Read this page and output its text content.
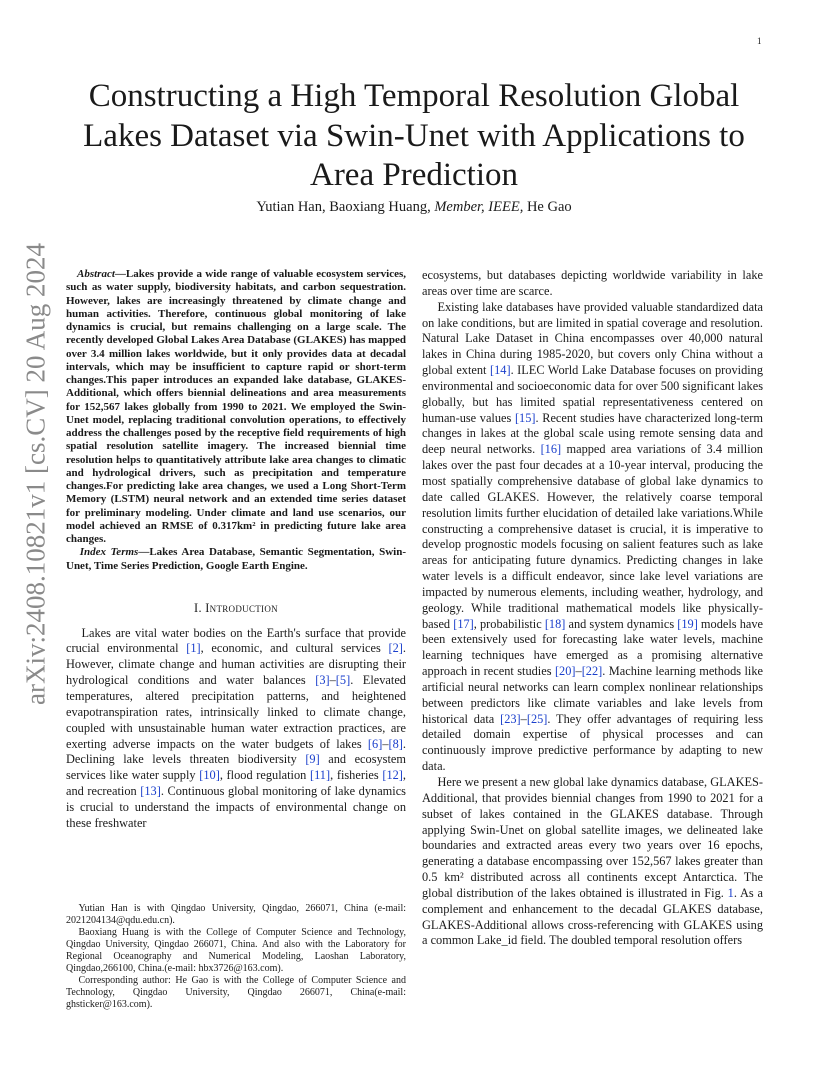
1
arXiv:2408.10821v1 [cs.CV] 20 Aug 2024
Constructing a High Temporal Resolution Global Lakes Dataset via Swin-Unet with Applications to Area Prediction

Yutian Han, Baoxiang Huang, Member, IEEE, He Gao

 Abstract—Lakes provide a wide range of valuable ecosystem services, such as water supply, biodiversity habitats, and carbon sequestration. However, lakes are increasingly threatened by climate change and human activities. Therefore, continuous global monitoring of lake dynamics is crucial, but remains challenging on a large scale. The recently developed Global Lakes Area Database (GLAKES) has mapped over 3.4 million lakes worldwide, but it only provides data at decadal intervals, which may be insufficient to capture rapid or short-term changes.This paper introduces an expanded lake database, GLAKES-Additional, which offers biennial delineations and area measurements for 152,567 lakes globally from 1990 to 2021. We employed the Swin-Unet model, replacing traditional convolution operations, to effectively address the challenges posed by the receptive field requirements of high spatial resolution satellite imagery. The increased biennial time resolution helps to quantitatively attribute lake area changes to climatic and hydrological drivers, such as precipitation and temperature changes.For predicting lake area changes, we used a Long Short-Term Memory (LSTM) neural network and an extended time series dataset for preliminary modeling. Under climate and land use scenarios, our model achieved an RMSE of 0.317km² in predicting future lake area changes.

Index Terms—Lakes Area Database, Semantic Segmentation, Swin-Unet, Time Series Prediction, Google Earth Engine.

I. Introduction

Lakes are vital water bodies on the Earth's surface that provide crucial environmental [1], economic, and cultural services [2]. However, climate change and human activities are disrupting their hydrological conditions and water balances [3]–[5]. Elevated temperatures, altered precipitation patterns, and heightened evapotranspiration rates, intrinsically linked to climate change, coupled with unsustainable human water extraction practices, are exerting adverse impacts on the water budgets of lakes [6]–[8]. Declining lake levels threaten biodiversity [9] and ecosystem services like water supply [10], flood regulation [11], fisheries [12], and recreation [13]. Continuous global monitoring of lake dynamics is crucial to understand the impacts of environmental change on these freshwater

Yutian Han is with Qingdao University, Qingdao, 266071, China (e-mail: 2021204134@qdu.edu.cn).

Baoxiang Huang is with the College of Computer Science and Technology, Qingdao University, Qingdao 266071, China. And also with the Laboratory for Regional Oceanography and Numerical Modeling, Laoshan Laboratory, Qingdao,266100, China.(e-mail: hbx3726@163.com).

Corresponding author: He Gao is with the College of Computer Science and Technology, Qingdao University, Qingdao 266071, China(e-mail: ghsticker@163.com).

ecosystems, but databases depicting worldwide variability in lake areas over time are scarce.

Existing lake databases have provided valuable standardized data on lake conditions, but are limited in spatial coverage and resolution. Natural Lake Dataset in China encompasses over 40,000 natural lakes in China during 1985-2020, but covers only China without a global extent [14]. ILEC World Lake Database focuses on providing environmental and socioeconomic data for over 500 significant lakes globally, but has limited spatial representativeness centered on human-use values [15]. Recent studies have characterized long-term changes in lakes at the global scale using remote sensing data and deep neural networks. [16] mapped area variations of 3.4 million lakes over the past four decades at a 10-year interval, producing the most spatially comprehensive database of global lake dynamics to date called GLAKES. However, the relatively coarse temporal resolution limits further elucidation of detailed lake variations.While constructing a comprehensive dataset is crucial, it is imperative to develop prognostic models focusing on salient features such as lake areas for anticipating future dynamics. Predicting changes in lake water levels is a difficult endeavor, since lake level variations are impacted by numerous elements, including weather, hydrology, and geology. While traditional mathematical models like physically-based [17], probabilistic [18] and system dynamics [19] models have been extensively used for forecasting lake water levels, machine learning techniques have emerged as a promising alternative approach in recent studies [20]–[22]. Machine learning methods like artificial neural networks can learn complex nonlinear relationships between predictors like climate variables and lake levels from historical data [23]–[25]. They offer advantages of requiring less detailed domain expertise of physical processes and can continuously improve predictive performance by adapting to new data.

Here we present a new global lake dynamics database, GLAKES-Additional, that provides biennial changes from 1990 to 2021 for a subset of lakes contained in the GLAKES database. Through applying Swin-Unet on global satellite images, we delineated lake boundaries and extracted areas every two years over 16 epochs, generating a database encompassing over 152,567 lakes greater than 0.5 km² distributed across all continents except Antarctica. The global distribution of the lakes obtained is illustrated in Fig. 1. As a complement and enhancement to the decadal GLAKES database, GLAKES-Additional allows cross-referencing with GLAKES using a common Lake_id field. The doubled temporal resolution offers
